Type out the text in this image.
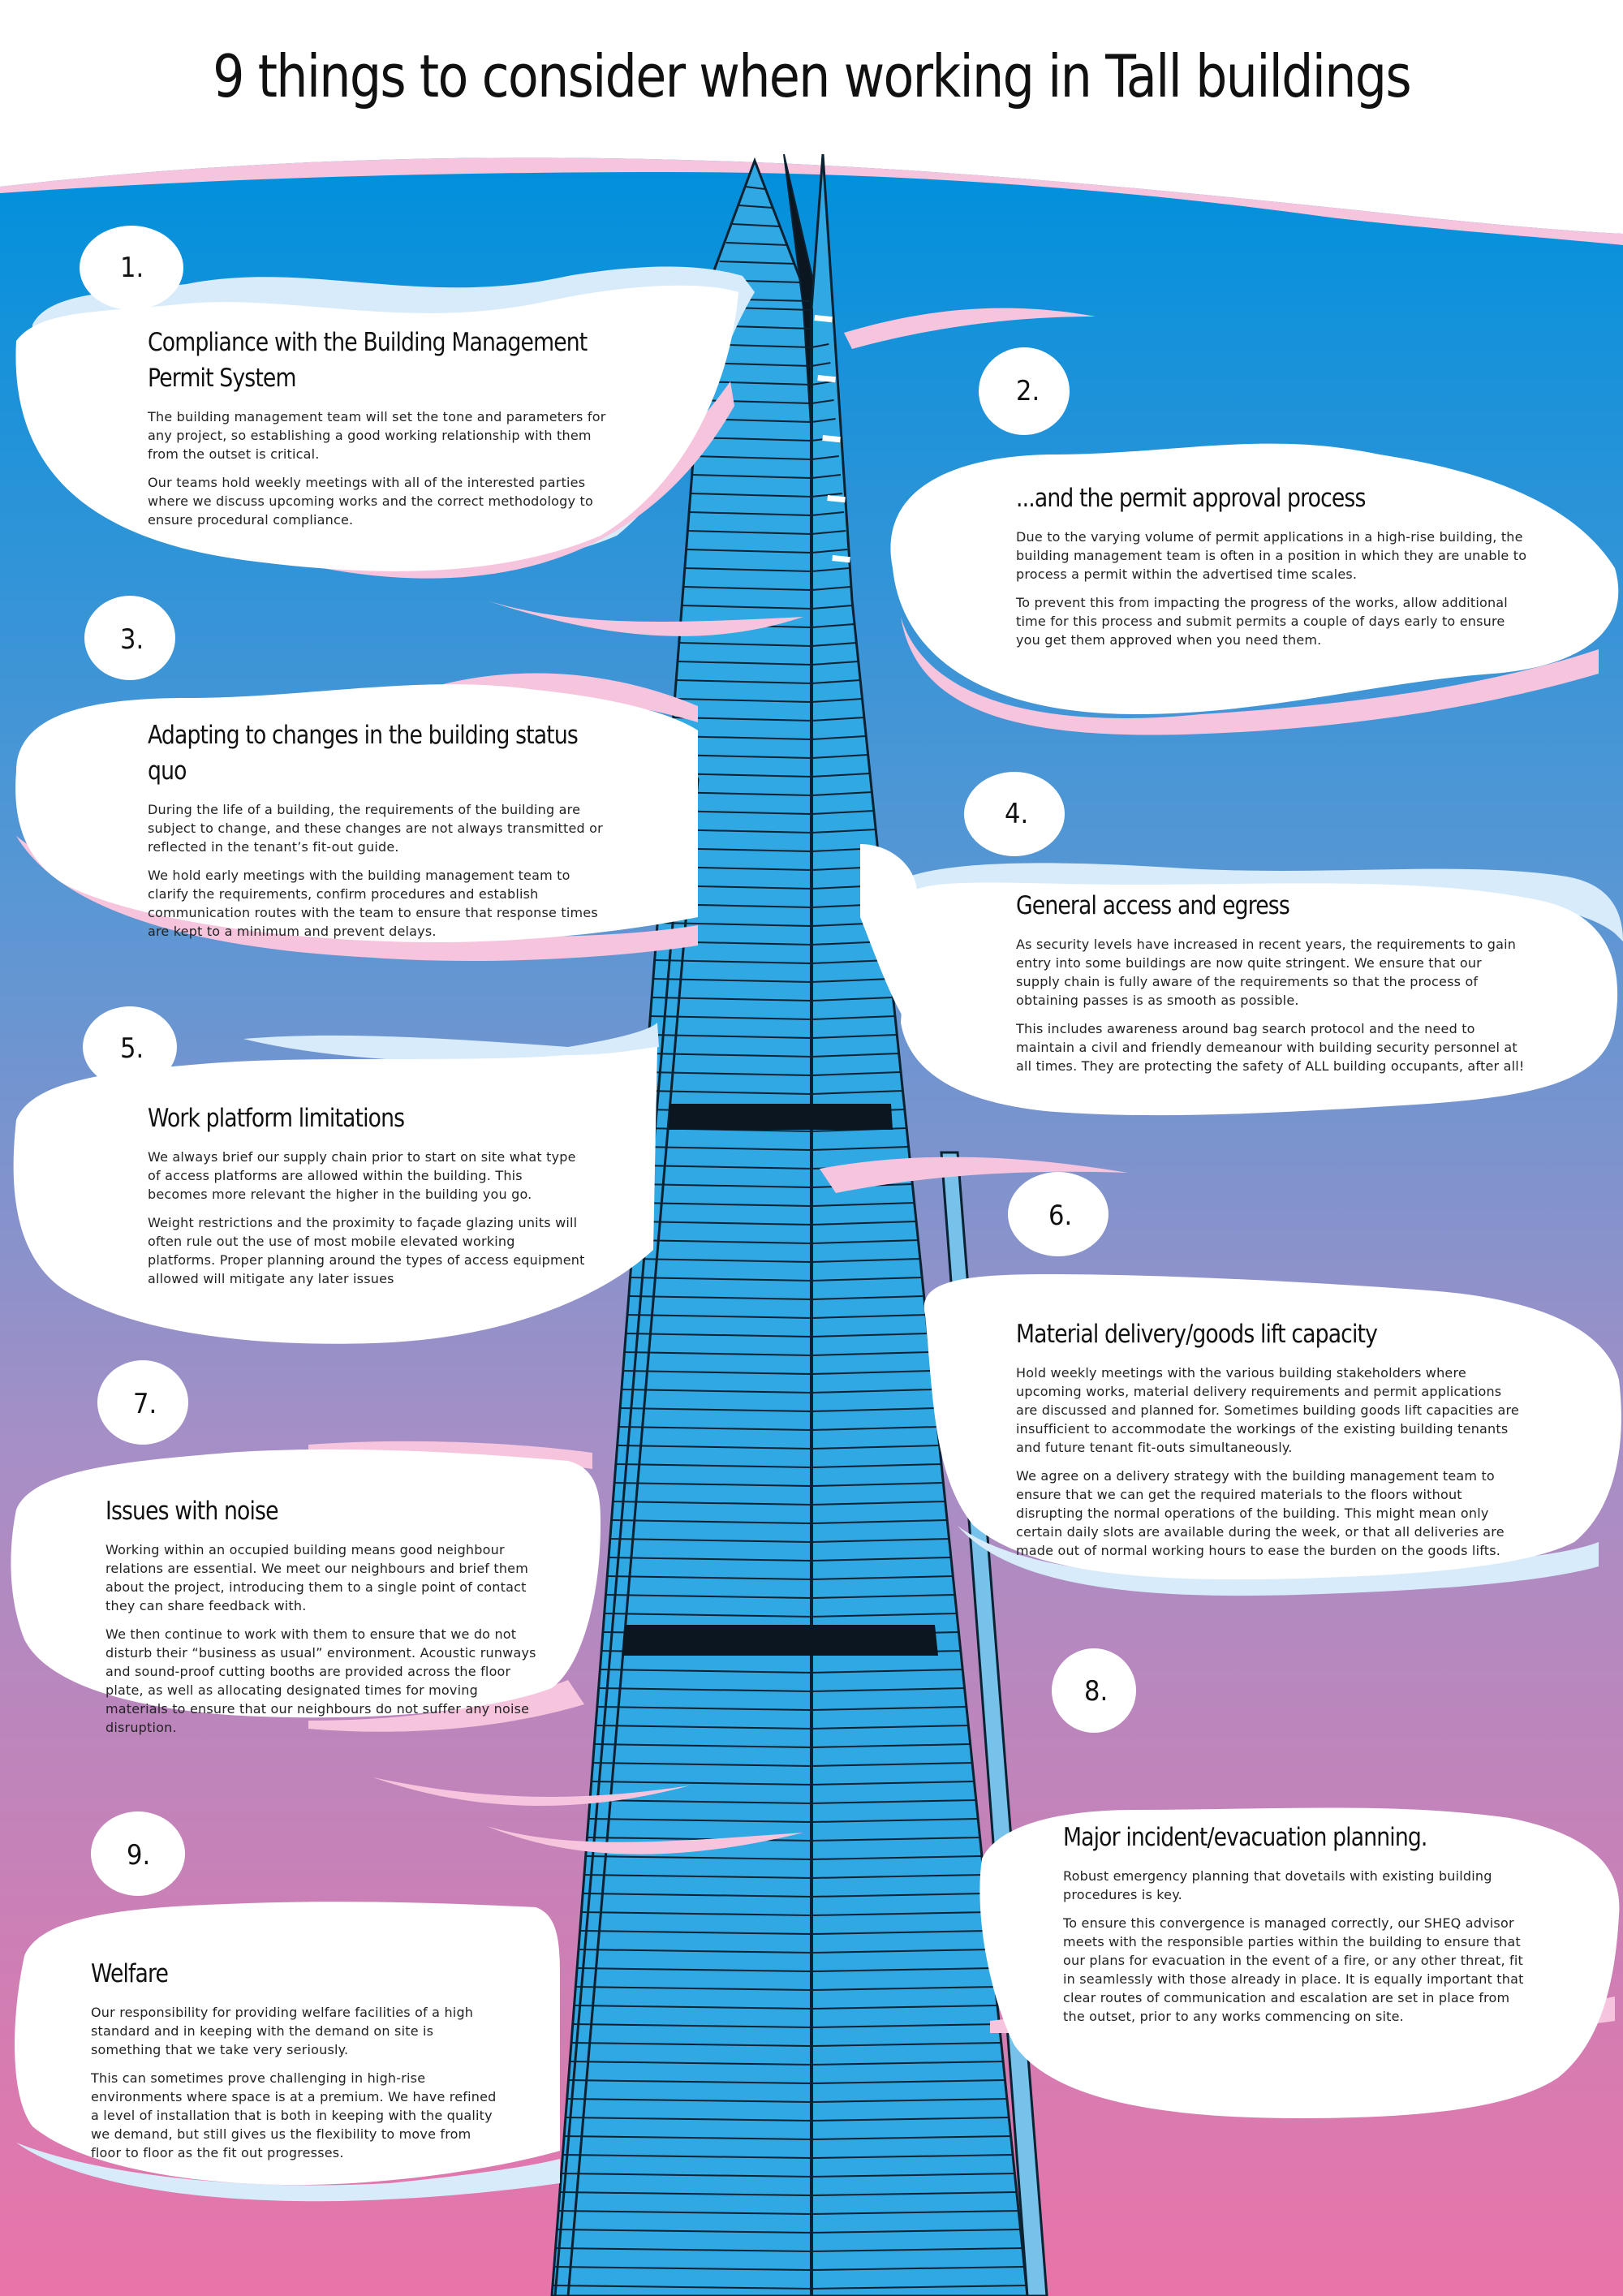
9 things to consider when working in Tall buildings
1.
2.
3.
4.
5.
6.
7.
8.
9.
Compliance with the Building Management Permit System

The building management team will set the tone and parameters for any project, so establishing a good working relationship with them from the outset is critical.

Our teams hold weekly meetings with all of the interested parties where we discuss upcoming works and the correct methodology to ensure procedural compliance.

...and the permit approval process

Due to the varying volume of permit applications in a high-rise building, the building management team is often in a position in which they are unable to process a permit within the advertised time scales.

To prevent this from impacting the progress of the works, allow additional time for this process and submit permits a couple of days early to ensure you get them approved when you need them.

Adapting to changes in the building status quo

During the life of a building, the requirements of the building are subject to change, and these changes are not always transmitted or reflected in the tenant’s fit-out guide.

We hold early meetings with the building management team to clarify the requirements, confirm procedures and establish communication routes with the team to ensure that response times are kept to a minimum and prevent delays.

General access and egress

As security levels have increased in recent years, the requirements to gain entry into some buildings are now quite stringent. We ensure that our supply chain is fully aware of the requirements so that the process of obtaining passes is as smooth as possible.

This includes awareness around bag search protocol and the need to maintain a civil and friendly demeanour with building security personnel at all times. They are protecting the safety of ALL building occupants, after all!

Work platform limitations

We always brief our supply chain prior to start on site what type of access platforms are allowed within the building. This becomes more relevant the higher in the building you go.

Weight restrictions and the proximity to façade glazing units will often rule out the use of most mobile elevated working platforms. Proper planning around the types of access equipment allowed will mitigate any later issues

Material delivery/goods lift capacity

Hold weekly meetings with the various building stakeholders where upcoming works, material delivery requirements and permit applications are discussed and planned for. Sometimes building goods lift capacities are insufficient to accommodate the workings of the existing building tenants and future tenant fit-outs simultaneously.

We agree on a delivery strategy with the building management team to ensure that we can get the required materials to the floors without disrupting the normal operations of the building. This might mean only certain daily slots are available during the week, or that all deliveries are made out of normal working hours to ease the burden on the goods lifts.

Issues with noise

Working within an occupied building means good neighbour relations are essential. We meet our neighbours and brief them about the project, introducing them to a single point of contact they can share feedback with.

We then continue to work with them to ensure that we do not disturb their “business as usual” environment. Acoustic runways and sound-proof cutting booths are provided across the floor plate, as well as allocating designated times for moving materials to ensure that our neighbours do not suffer any noise disruption.

Major incident/evacuation planning.

Robust emergency planning that dovetails with existing building procedures is key.

To ensure this convergence is managed correctly, our SHEQ advisor meets with the responsible parties within the building to ensure that our plans for evacuation in the event of a fire, or any other threat, fit in seamlessly with those already in place. It is equally important that clear routes of communication and escalation are set in place from the outset, prior to any works commencing on site.

Welfare

Our responsibility for providing welfare facilities of a high standard and in keeping with the demand on site is something that we take very seriously.

This can sometimes prove challenging in high-rise environments where space is at a premium. We have refined a level of installation that is both in keeping with the quality we demand, but still gives us the flexibility to move from floor to floor as the fit out progresses.
